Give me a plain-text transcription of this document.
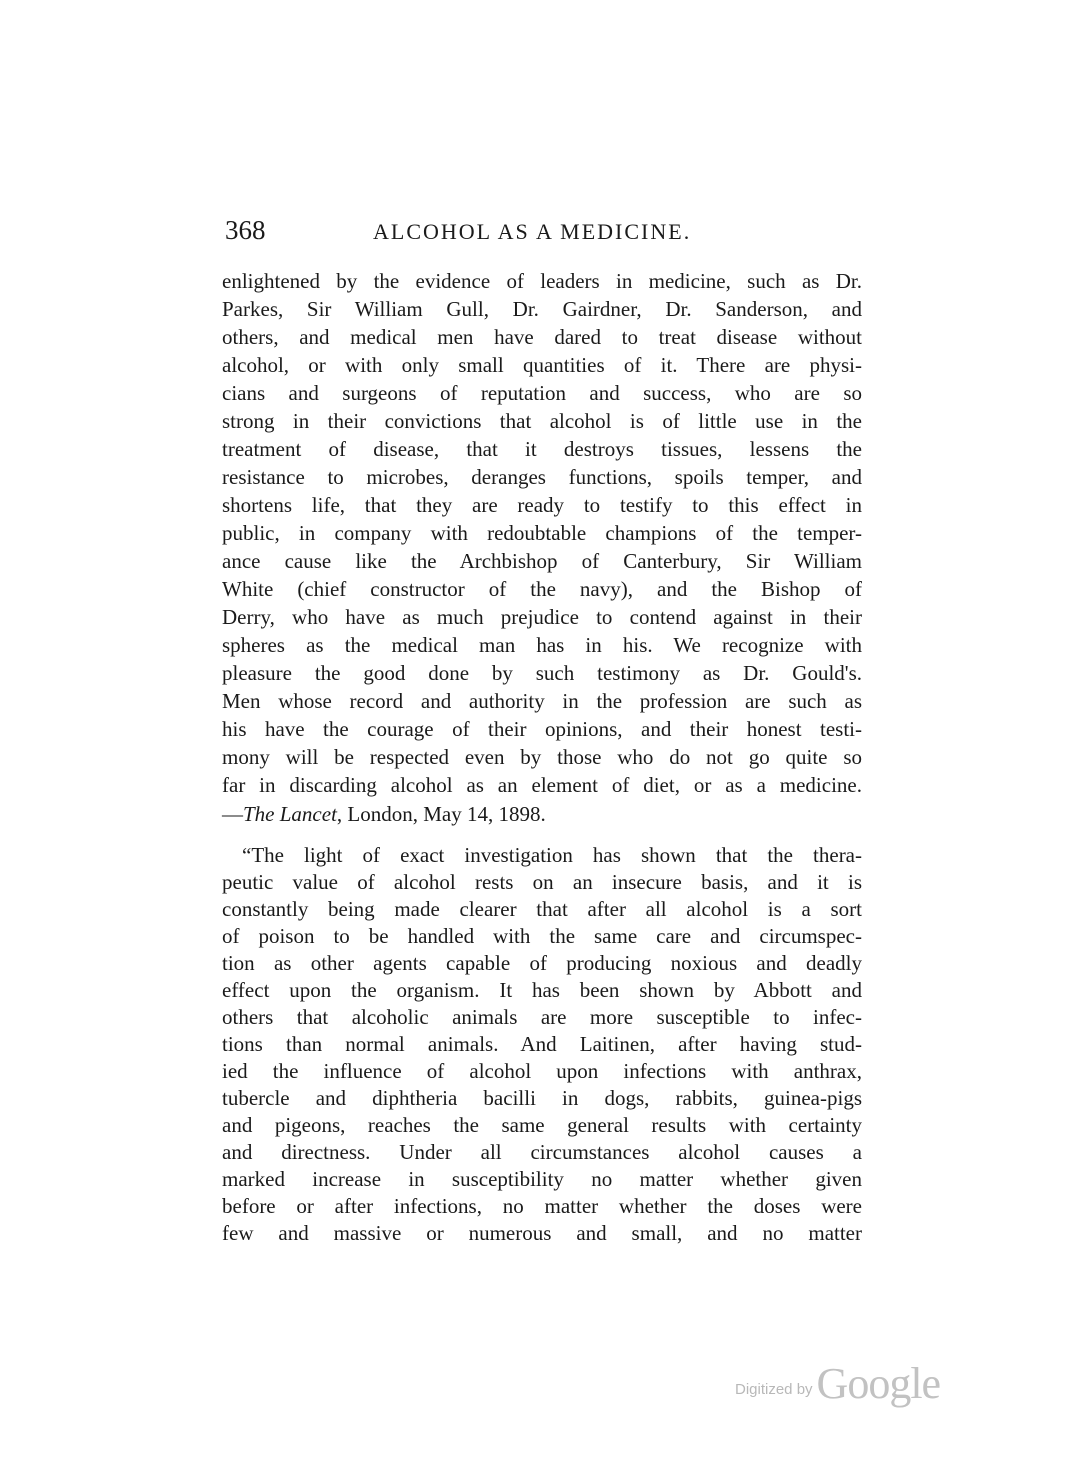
368	ALCOHOL AS A MEDICINE.
enlightened by the evidence of leaders in medicine, such as Dr.
Parkes, Sir William Gull, Dr. Gairdner, Dr. Sanderson, and
others, and medical men have dared to treat disease without
alcohol, or with only small quantities of it. There are physi-
cians and surgeons of reputation and success, who are so
strong in their convictions that alcohol is of little use in the
treatment of disease, that it destroys tissues, lessens the
resistance to microbes, deranges functions, spoils temper, and
shortens life, that they are ready to testify to this effect in
public, in company with redoubtable champions of the temper-
ance cause like the Archbishop of Canterbury, Sir William
White (chief constructor of the navy), and the Bishop of
Derry, who have as much prejudice to contend against in their
spheres as the medical man has in his. We recognize with
pleasure the good done by such testimony as Dr. Gould's.
Men whose record and authority in the profession are such as
his have the courage of their opinions, and their honest testi-
mony will be respected even by those who do not go quite so
far in discarding alcohol as an element of diet, or as a medicine.
—The Lancet, London, May 14, 1898.
“The light of exact investigation has shown that the thera-
peutic value of alcohol rests on an insecure basis, and it is
constantly being made clearer that after all alcohol is a sort
of poison to be handled with the same care and circumspec-
tion as other agents capable of producing noxious and deadly
effect upon the organism. It has been shown by Abbott and
others that alcoholic animals are more susceptible to infec-
tions than normal animals. And Laitinen, after having stud-
ied the influence of alcohol upon infections with anthrax,
tubercle and diphtheria bacilli in dogs, rabbits, guinea-pigs
and pigeons, reaches the same general results with certainty
and directness. Under all circumstances alcohol causes a
marked increase in susceptibility no matter whether given
before or after infections, no matter whether the doses were
few and massive or numerous and small, and no matter
Digitized by Google
